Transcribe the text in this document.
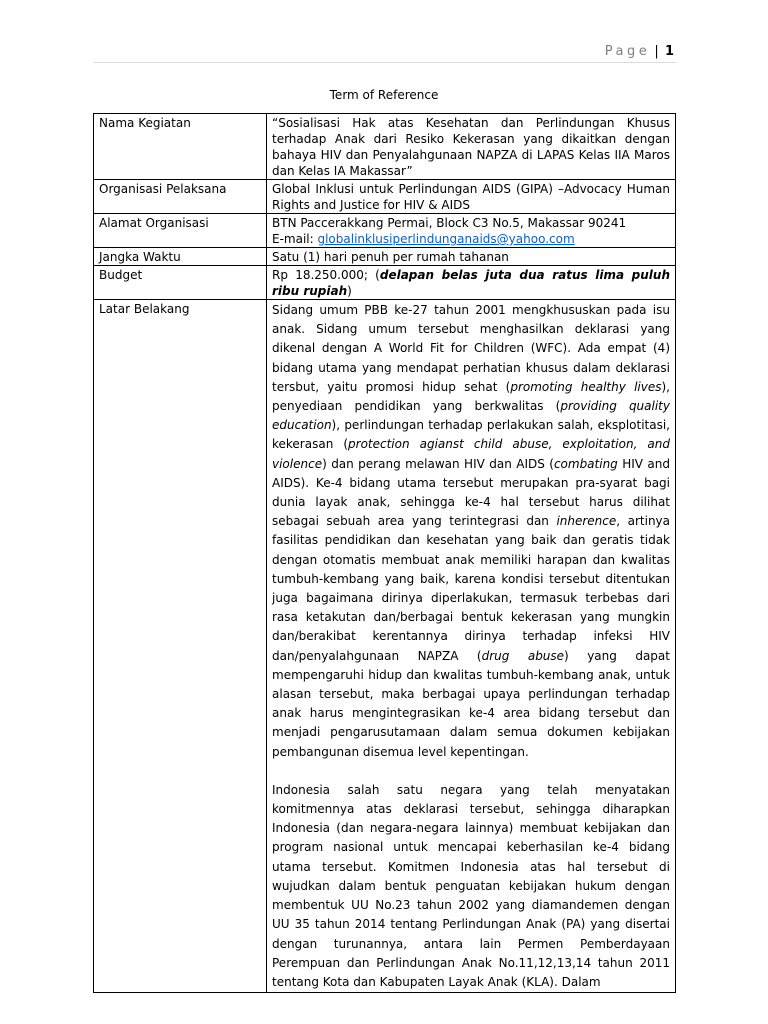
Page | 1
Term of Reference
Nama Kegiatan	“Sosialisasi Hak atas Kesehatan dan Perlindungan Khusus terhadap Anak dari Resiko Kekerasan yang dikaitkan dengan bahaya HIV dan Penyalahgunaan NAPZA di LAPAS Kelas IIA Maros dan Kelas IA Makassar”
Organisasi Pelaksana	Global Inklusi untuk Perlindungan AIDS (GIPA) –Advocacy Human Rights and Justice for HIV & AIDS
Alamat Organisasi	BTN Paccerakkang Permai, Block C3 No.5, Makassar 90241
E-mail: globalinklusiperlindunganaids@yahoo.com

Jangka Waktu	Satu (1) hari penuh per rumah tahanan
Budget	Rp 18.250.000; (delapan belas juta dua ratus lima puluh ribu rupiah)
Latar Belakang	Sidang umum PBB ke-27 tahun 2001 mengkhususkan pada isu anak. Sidang umum tersebut menghasilkan deklarasi yang dikenal dengan A World Fit for Children (WFC). Ada empat (4) bidang utama yang mendapat perhatian khusus dalam deklarasi tersbut, yaitu promosi hidup sehat (promoting healthy lives), penyediaan pendidikan yang berkwalitas (providing quality education), perlindungan terhadap perlakukan salah, eksplotitasi, kekerasan (protection agianst child abuse, exploitation, and violence) dan perang melawan HIV dan AIDS (combating HIV and AIDS). Ke-4 bidang utama tersebut merupakan pra-syarat bagi dunia layak anak, sehingga ke-4 hal tersebut harus dilihat sebagai sebuah area yang terintegrasi dan inherence, artinya fasilitas pendidikan dan kesehatan yang baik dan geratis tidak dengan otomatis membuat anak memiliki harapan dan kwalitas tumbuh-kembang yang baik, karena kondisi tersebut ditentukan juga bagaimana dirinya diperlakukan, termasuk terbebas dari rasa ketakutan dan/berbagai bentuk kekerasan yang mungkin dan/berakibat kerentannya dirinya terhadap infeksi HIV dan/penyalahgunaan NAPZA (drug abuse) yang dapat mempengaruhi hidup dan kwalitas tumbuh-kembang anak, untuk alasan tersebut, maka berbagai upaya perlindungan terhadap anak harus mengintegrasikan ke-4 area bidang tersebut dan menjadi pengarusutamaan dalam semua dokumen kebijakan pembangunan disemua level kepentingan.
Indonesia salah satu negara yang telah menyatakan komitmennya atas deklarasi tersebut, sehingga diharapkan Indonesia (dan negara-negara lainnya) membuat kebijakan dan program nasional untuk mencapai keberhasilan ke-4 bidang utama tersebut. Komitmen Indonesia atas hal tersebut di wujudkan dalam bentuk penguatan kebijakan hukum dengan membentuk UU No.23 tahun 2002 yang diamandemen dengan UU 35 tahun 2014 tentang Perlindungan Anak (PA) yang disertai dengan turunannya, antara lain Permen Pemberdayaan Perempuan dan Perlindungan Anak No.11,12,13,14 tahun 2011 tentang Kota dan Kabupaten Layak Anak (KLA). Dalam
